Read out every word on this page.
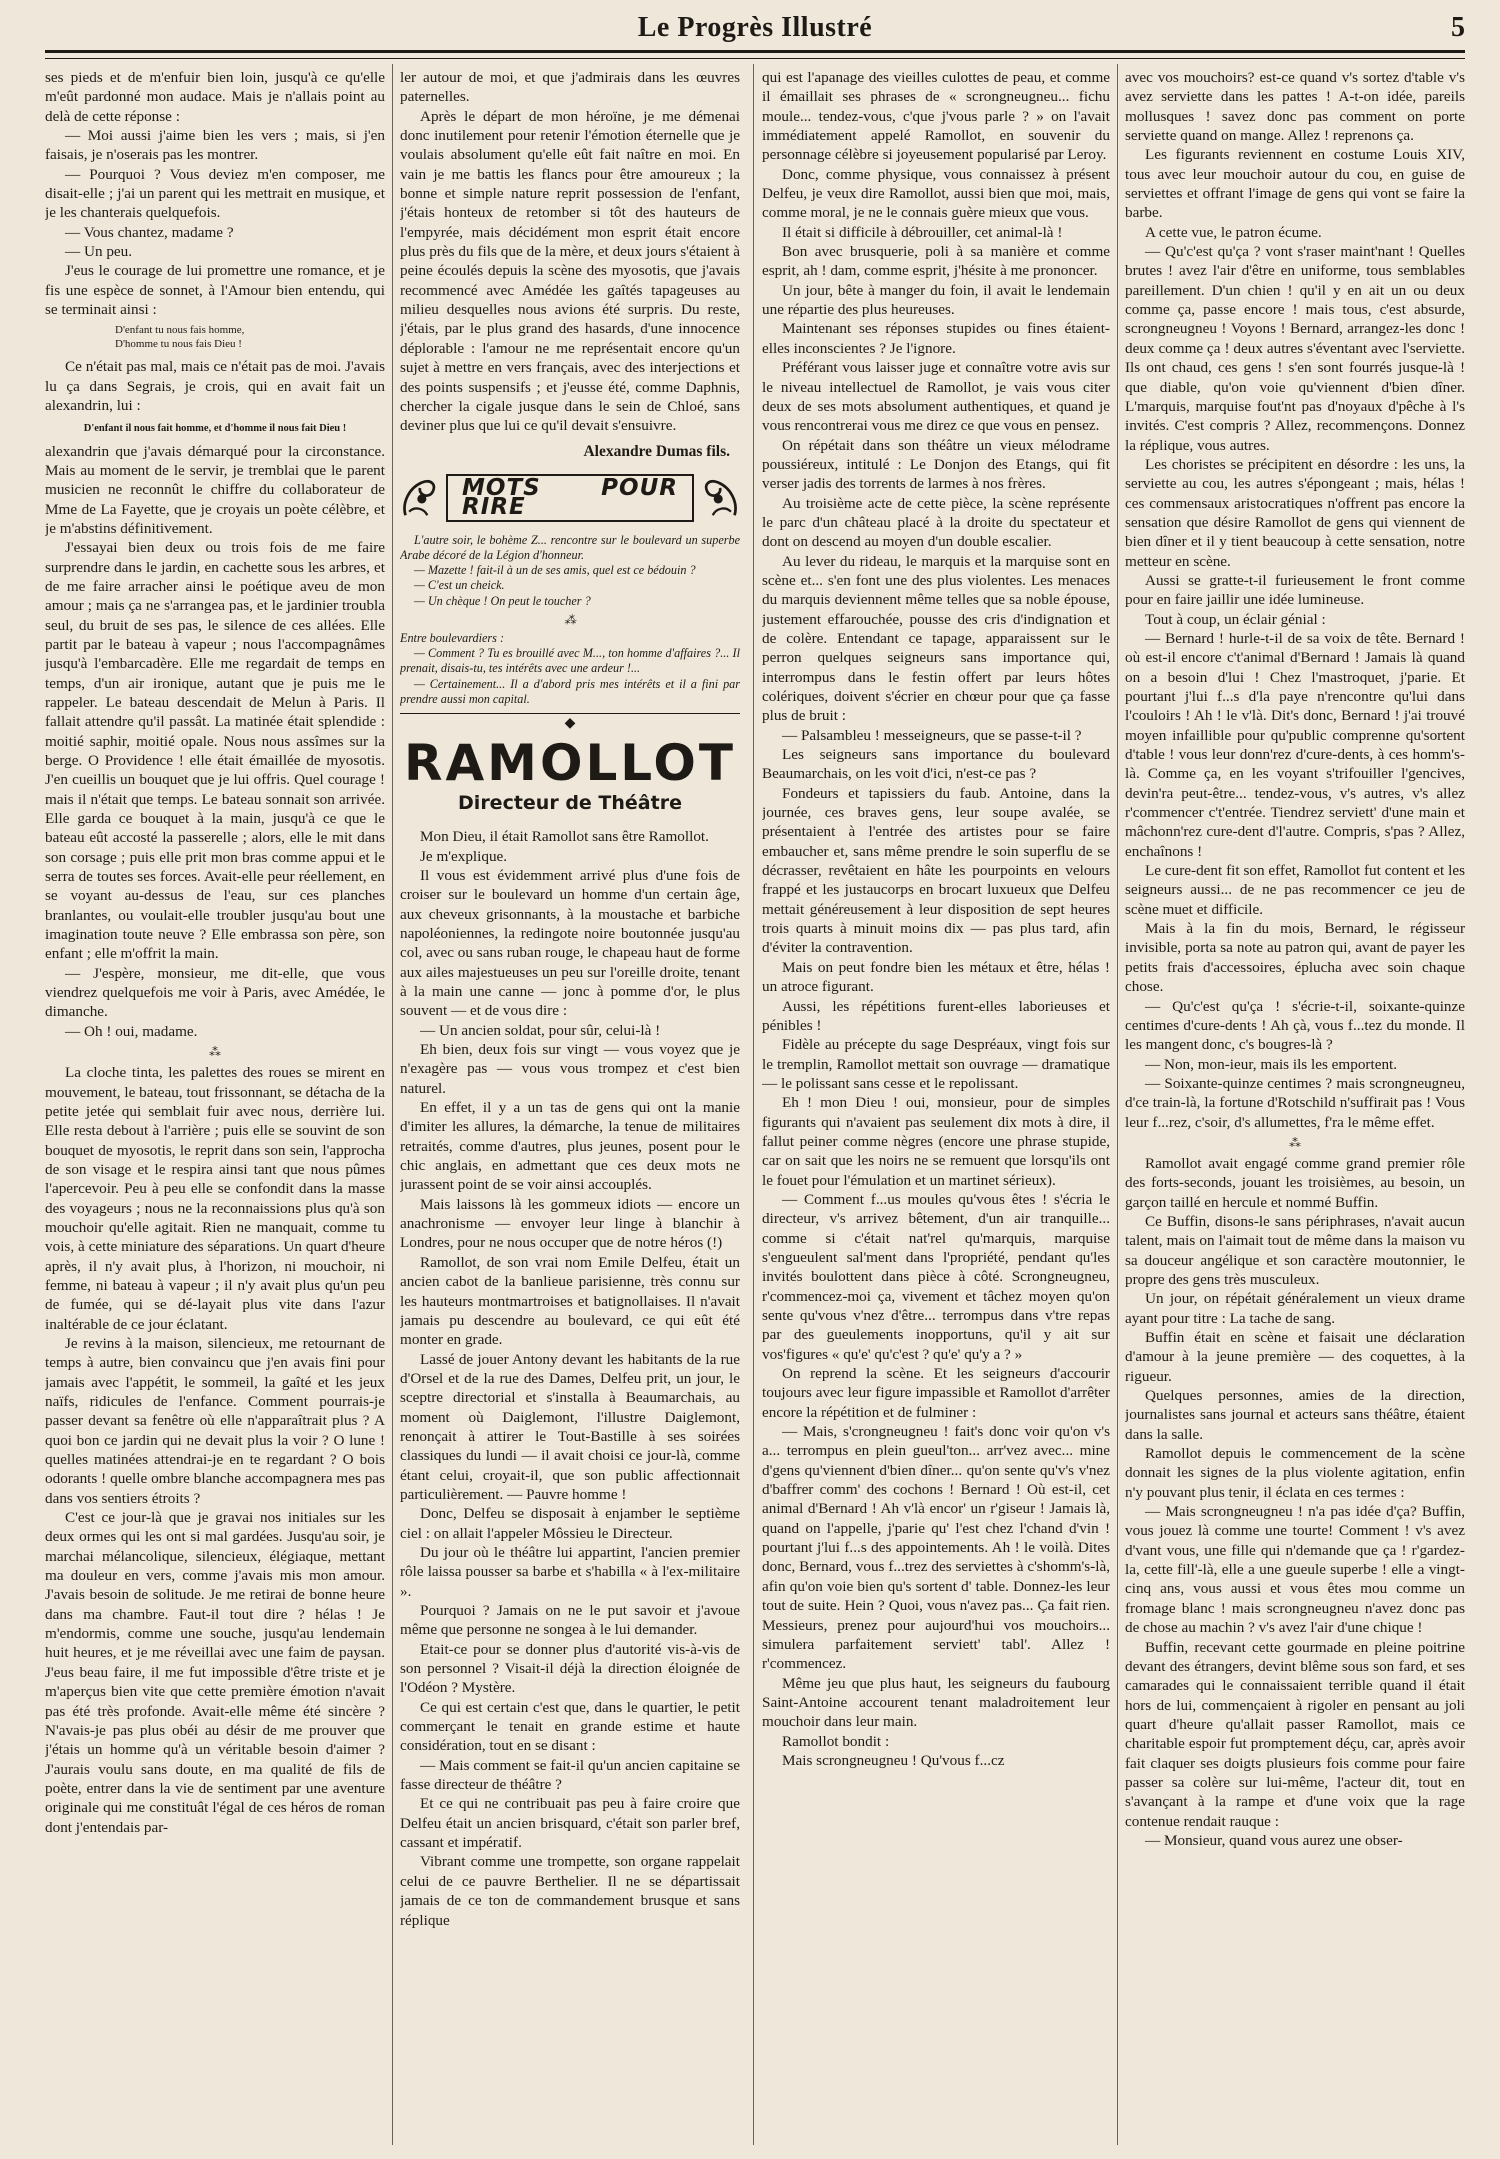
Le Progrès Illustré	5

ses pieds et de m'enfuir bien loin, jusqu'à ce qu'elle m'eût pardonné mon audace. Mais je n'allais point au delà de cette réponse :

— Moi aussi j'aime bien les vers ; mais, si j'en faisais, je n'oserais pas les montrer.

— Pourquoi ? Vous deviez m'en composer, me disait-elle ; j'ai un parent qui les mettrait en musique, et je les chanterais quelquefois.

— Vous chantez, madame ?

— Un peu.

J'eus le courage de lui promettre une romance, et je fis une espèce de sonnet, à l'Amour bien entendu, qui se terminait ainsi :

D'enfant tu nous fais homme,
D'homme tu nous fais Dieu !

Ce n'était pas mal, mais ce n'était pas de moi. J'avais lu ça dans Segrais, je crois, qui en avait fait un alexandrin, lui :

D'enfant il nous fait homme, et d'homme il nous fait Dieu !

alexandrin que j'avais démarqué pour la circonstance. Mais au moment de le servir, je tremblai que le parent musicien ne reconnût le chiffre du collaborateur de Mme de La Fayette, que je croyais un poète célèbre, et je m'abstins définitivement.

J'essayai bien deux ou trois fois de me faire surprendre dans le jardin, en cachette sous les arbres, et de me faire arracher ainsi le poétique aveu de mon amour ; mais ça ne s'arrangea pas, et le jardinier troubla seul, du bruit de ses pas, le silence de ces allées. Elle partit par le bateau à vapeur ; nous l'accompagnâmes jusqu'à l'embarcadère. Elle me regardait de temps en temps, d'un air ironique, autant que je puis me le rappeler. Le bateau descendait de Melun à Paris. Il fallait attendre qu'il passât. La matinée était splendide : moitié saphir, moitié opale. Nous nous assîmes sur la berge. O Providence ! elle était émaillée de myosotis. J'en cueillis un bouquet que je lui offris. Quel courage ! mais il n'était que temps. Le bateau sonnait son arrivée. Elle garda ce bouquet à la main, jusqu'à ce que le bateau eût accosté la passerelle ; alors, elle le mit dans son corsage ; puis elle prit mon bras comme appui et le serra de toutes ses forces. Avait-elle peur réellement, en se voyant au-dessus de l'eau, sur ces planches branlantes, ou voulait-elle troubler jusqu'au bout une imagination toute neuve ? Elle embrassa son père, son enfant ; elle m'offrit la main.

— J'espère, monsieur, me dit-elle, que vous viendrez quelquefois me voir à Paris, avec Amédée, le dimanche.

— Oh ! oui, madame.

⁂

La cloche tinta, les palettes des roues se mirent en mouvement, le bateau, tout frissonnant, se détacha de la petite jetée qui semblait fuir avec nous, derrière lui. Elle resta debout à l'arrière ; puis elle se souvint de son bouquet de myosotis, le reprit dans son sein, l'approcha de son visage et le respira ainsi tant que nous pûmes l'apercevoir. Peu à peu elle se confondit dans la masse des voyageurs ; nous ne la reconnaissions plus qu'à son mouchoir qu'elle agitait. Rien ne manquait, comme tu vois, à cette miniature des séparations. Un quart d'heure après, il n'y avait plus, à l'horizon, ni mouchoir, ni femme, ni bateau à vapeur ; il n'y avait plus qu'un peu de fumée, qui se dé-layait plus vite dans l'azur inaltérable de ce jour éclatant.

Je revins à la maison, silencieux, me retournant de temps à autre, bien convaincu que j'en avais fini pour jamais avec l'appétit, le sommeil, la gaîté et les jeux naïfs, ridicules de l'enfance. Comment pourrais-je passer devant sa fenêtre où elle n'apparaîtrait plus ? A quoi bon ce jardin qui ne devait plus la voir ? O lune ! quelles matinées attendrai-je en te regardant ? O bois odorants ! quelle ombre blanche accompagnera mes pas dans vos sentiers étroits ?

C'est ce jour-là que je gravai nos initiales sur les deux ormes qui les ont si mal gardées. Jusqu'au soir, je marchai mélancolique, silencieux, élégiaque, mettant ma douleur en vers, comme j'avais mis mon amour. J'avais besoin de solitude. Je me retirai de bonne heure dans ma chambre. Faut-il tout dire ? hélas ! Je m'endormis, comme une souche, jusqu'au lendemain huit heures, et je me réveillai avec une faim de paysan. J'eus beau faire, il me fut impossible d'être triste et je m'aperçus bien vite que cette première émotion n'avait pas été très profonde. Avait-elle même été sincère ? N'avais-je pas plus obéi au désir de me prouver que j'étais un homme qu'à un véritable besoin d'aimer ? J'aurais voulu sans doute, en ma qualité de fils de poète, entrer dans la vie de sentiment par une aventure originale qui me constituât l'égal de ces héros de roman dont j'entendais par-

ler autour de moi, et que j'admirais dans les œuvres paternelles.

Après le départ de mon héroïne, je me démenai donc inutilement pour retenir l'émotion éternelle que je voulais absolument qu'elle eût fait naître en moi. En vain je me battis les flancs pour être amoureux ; la bonne et simple nature reprit possession de l'enfant, j'étais honteux de retomber si tôt des hauteurs de l'empyrée, mais décidément mon esprit était encore plus près du fils que de la mère, et deux jours s'étaient à peine écoulés depuis la scène des myosotis, que j'avais recommencé avec Amédée les gaîtés tapageuses au milieu desquelles nous avions été surpris. Du reste, j'étais, par le plus grand des hasards, d'une innocence déplorable : l'amour ne me représentait encore qu'un sujet à mettre en vers français, avec des interjections et des points suspensifs ; et j'eusse été, comme Daphnis, chercher la cigale jusque dans le sein de Chloé, sans deviner plus que lui ce qu'il devait s'ensuivre.

Alexandre Dumas fils.
MOTS POUR RIRE

L'autre soir, le bohème Z... rencontre sur le boulevard un superbe Arabe décoré de la Légion d'honneur.

— Mazette ! fait-il à un de ses amis, quel est ce bédouin ?

— C'est un cheick.

— Un chèque ! On peut le toucher ?

⁂

Entre boulevardiers :

— Comment ? Tu es brouillé avec M..., ton homme d'affaires ?... Il prenait, disais-tu, tes intérêts avec une ardeur !...

— Certainement... Il a d'abord pris mes intérêts et il a fini par prendre aussi mon capital.

◆
RAMOLLOT
Directeur de Théâtre

Mon Dieu, il était Ramollot sans être Ramollot.

Je m'explique.

Il vous est évidemment arrivé plus d'une fois de croiser sur le boulevard un homme d'un certain âge, aux cheveux grisonnants, à la moustache et barbiche napoléoniennes, la redingote noire boutonnée jusqu'au col, avec ou sans ruban rouge, le chapeau haut de forme aux ailes majestueuses un peu sur l'oreille droite, tenant à la main une canne — jonc à pomme d'or, le plus souvent — et de vous dire :

— Un ancien soldat, pour sûr, celui-là !

Eh bien, deux fois sur vingt — vous voyez que je n'exagère pas — vous vous trompez et c'est bien naturel.

En effet, il y a un tas de gens qui ont la manie d'imiter les allures, la démarche, la tenue de militaires retraités, comme d'autres, plus jeunes, posent pour le chic anglais, en admettant que ces deux mots ne jurassent point de se voir ainsi accouplés.

Mais laissons là les gommeux idiots — encore un anachronisme — envoyer leur linge à blanchir à Londres, pour ne nous occuper que de notre héros (!)

Ramollot, de son vrai nom Emile Delfeu, était un ancien cabot de la banlieue parisienne, très connu sur les hauteurs montmartroises et batignollaises. Il n'avait jamais pu descendre au boulevard, ce qui eût été monter en grade.

Lassé de jouer Antony devant les habitants de la rue d'Orsel et de la rue des Dames, Delfeu prit, un jour, le sceptre directorial et s'installa à Beaumarchais, au moment où Daiglemont, l'illustre Daiglemont, renonçait à attirer le Tout-Bastille à ses soirées classiques du lundi — il avait choisi ce jour-là, comme étant celui, croyait-il, que son public affectionnait particulièrement. — Pauvre homme !

Donc, Delfeu se disposait à enjamber le septième ciel : on allait l'appeler Môssieu le Directeur.

Du jour où le théâtre lui appartint, l'ancien premier rôle laissa pousser sa barbe et s'habilla « à l'ex-militaire ».

Pourquoi ? Jamais on ne le put savoir et j'avoue même que personne ne songea à le lui demander.

Etait-ce pour se donner plus d'autorité vis-à-vis de son personnel ? Visait-il déjà la direction éloignée de l'Odéon ? Mystère.

Ce qui est certain c'est que, dans le quartier, le petit commerçant le tenait en grande estime et haute considération, tout en se disant :

— Mais comment se fait-il qu'un ancien capitaine se fasse directeur de théâtre ?

Et ce qui ne contribuait pas peu à faire croire que Delfeu était un ancien brisquard, c'était son parler bref, cassant et impératif.

Vibrant comme une trompette, son organe rappelait celui de ce pauvre Berthelier. Il ne se départissait jamais de ce ton de commandement brusque et sans réplique

qui est l'apanage des vieilles culottes de peau, et comme il émaillait ses phrases de « scrongneugneu... fichu moule... tendez-vous, c'que j'vous parle ? » on l'avait immédiatement appelé Ramollot, en souvenir du personnage célèbre si joyeusement popularisé par Leroy.

Donc, comme physique, vous connaissez à présent Delfeu, je veux dire Ramollot, aussi bien que moi, mais, comme moral, je ne le connais guère mieux que vous.

Il était si difficile à débrouiller, cet animal-là !

Bon avec brusquerie, poli à sa manière et comme esprit, ah ! dam, comme esprit, j'hésite à me prononcer.

Un jour, bête à manger du foin, il avait le lendemain une répartie des plus heureuses.

Maintenant ses réponses stupides ou fines étaient-elles inconscientes ? Je l'ignore.

Préférant vous laisser juge et connaître votre avis sur le niveau intellectuel de Ramollot, je vais vous citer deux de ses mots absolument authentiques, et quand je vous rencontrerai vous me direz ce que vous en pensez.

On répétait dans son théâtre un vieux mélodrame poussiéreux, intitulé : Le Donjon des Etangs, qui fit verser jadis des torrents de larmes à nos frères.

Au troisième acte de cette pièce, la scène représente le parc d'un château placé à la droite du spectateur et dont on descend au moyen d'un double escalier.

Au lever du rideau, le marquis et la marquise sont en scène et... s'en font une des plus violentes. Les menaces du marquis deviennent même telles que sa noble épouse, justement effarouchée, pousse des cris d'indignation et de colère. Entendant ce tapage, apparaissent sur le perron quelques seigneurs sans importance qui, interrompus dans le festin offert par leurs hôtes colériques, doivent s'écrier en chœur pour que ça fasse plus de bruit :

— Palsambleu ! messeigneurs, que se passe-t-il ?

Les seigneurs sans importance du boulevard Beaumarchais, on les voit d'ici, n'est-ce pas ?

Fondeurs et tapissiers du faub. Antoine, dans la journée, ces braves gens, leur soupe avalée, se présentaient à l'entrée des artistes pour se faire embaucher et, sans même prendre le soin superflu de se décrasser, revêtaient en hâte les pourpoints en velours frappé et les justaucorps en brocart luxueux que Delfeu mettait généreusement à leur disposition de sept heures trois quarts à minuit moins dix — pas plus tard, afin d'éviter la contravention.

Mais on peut fondre bien les métaux et être, hélas ! un atroce figurant.

Aussi, les répétitions furent-elles laborieuses et pénibles !

Fidèle au précepte du sage Despréaux, vingt fois sur le tremplin, Ramollot mettait son ouvrage — dramatique — le polissant sans cesse et le repolissant.

Eh ! mon Dieu ! oui, monsieur, pour de simples figurants qui n'avaient pas seulement dix mots à dire, il fallut peiner comme nègres (encore une phrase stupide, car on sait que les noirs ne se remuent que lorsqu'ils ont le fouet pour l'émulation et un martinet sérieux).

— Comment f...us moules qu'vous êtes ! s'écria le directeur, v's arrivez bêtement, d'un air tranquille... comme si c'était nat'rel qu'marquis, marquise s'engueulent sal'ment dans l'propriété, pendant qu'les invités boulottent dans pièce à côté. Scrongneugneu, r'commencez-moi ça, vivement et tâchez moyen qu'on sente qu'vous v'nez d'être... terrompus dans v'tre repas par des gueulements inopportuns, qu'il y ait sur vos'figures « qu'e' qu'c'est ? qu'e' qu'y a ? »

On reprend la scène. Et les seigneurs d'accourir toujours avec leur figure impassible et Ramollot d'arrêter encore la répétition et de fulminer :

— Mais, s'crongneugneu ! fait's donc voir qu'on v's a... terrompus en plein gueul'ton... arr'vez avec... mine d'gens qu'viennent d'bien dîner... qu'on sente qu'v's v'nez d'baffrer comm' des cochons ! Bernard ! Où est-il, cet animal d'Bernard ! Ah v'là encor' un r'giseur ! Jamais là, quand on l'appelle, j'parie qu' l'est chez l'chand d'vin ! pourtant j'lui f...s des appointements. Ah ! le voilà. Dites donc, Bernard, vous f...trez des serviettes à c'shomm's-là, afin qu'on voie bien qu's sortent d' table. Donnez-les leur tout de suite. Hein ? Quoi, vous n'avez pas... Ça fait rien. Messieurs, prenez pour aujourd'hui vos mouchoirs... simulera parfaitement serviett' tabl'. Allez ! r'commencez.

Même jeu que plus haut, les seigneurs du faubourg Saint-Antoine accourent tenant maladroitement leur mouchoir dans leur main.

Ramollot bondit :

Mais scrongneugneu ! Qu'vous f...cz

avec vos mouchoirs? est-ce quand v's sortez d'table v's avez serviette dans les pattes ! A-t-on idée, pareils mollusques ! savez donc pas comment on porte serviette quand on mange. Allez ! reprenons ça.

Les figurants reviennent en costume Louis XIV, tous avec leur mouchoir autour du cou, en guise de serviettes et offrant l'image de gens qui vont se faire la barbe.

A cette vue, le patron écume.

— Qu'c'est qu'ça ? vont s'raser maint'nant ! Quelles brutes ! avez l'air d'être en uniforme, tous semblables pareillement. D'un chien ! qu'il y en ait un ou deux comme ça, passe encore ! mais tous, c'est absurde, scrongneugneu ! Voyons ! Bernard, arrangez-les donc ! deux comme ça ! deux autres s'éventant avec l'serviette. Ils ont chaud, ces gens ! s'en sont fourrés jusque-là ! que diable, qu'on voie qu'viennent d'bien dîner. L'marquis, marquise fout'nt pas d'noyaux d'pêche à l's invités. C'est compris ? Allez, recommençons. Donnez la réplique, vous autres.

Les choristes se précipitent en désordre : les uns, la serviette au cou, les autres s'épongeant ; mais, hélas ! ces commensaux aristocratiques n'offrent pas encore la sensation que désire Ramollot de gens qui viennent de bien dîner et il y tient beaucoup à cette sensation, notre metteur en scène.

Aussi se gratte-t-il furieusement le front comme pour en faire jaillir une idée lumineuse.

Tout à coup, un éclair génial :

— Bernard ! hurle-t-il de sa voix de tête. Bernard ! où est-il encore c't'animal d'Bernard ! Jamais là quand on a besoin d'lui ! Chez l'mastroquet, j'parie. Et pourtant j'lui f...s d'la paye n'rencontre qu'lui dans l'couloirs ! Ah ! le v'là. Dit's donc, Bernard ! j'ai trouvé moyen infaillible pour qu'public comprenne qu'sortent d'table ! vous leur donn'rez d'cure-dents, à ces homm's-là. Comme ça, en les voyant s'trifouiller l'gencives, devin'ra peut-être... tendez-vous, v's autres, v's allez r'commencer c't'entrée. Tiendrez serviett' d'une main et mâchonn'rez cure-dent d'l'autre. Compris, s'pas ? Allez, enchaînons !

Le cure-dent fit son effet, Ramollot fut content et les seigneurs aussi... de ne pas recommencer ce jeu de scène muet et difficile.

Mais à la fin du mois, Bernard, le régisseur invisible, porta sa note au patron qui, avant de payer les petits frais d'accessoires, épluchа avec soin chaque chose.

— Qu'c'est qu'ça ! s'écrie-t-il, soixante-quinze centimes d'cure-dents ! Ah çà, vous f...tez du monde. Il les mangent donc, c's bougres-là ?

— Non, mon-ieur, mais ils les emportent.

— Soixante-quinze centimes ? mais scrongneugneu, d'ce train-là, la fortune d'Rotschild n'suffirait pas ! Vous leur f...rez, c'soir, d's allumettes, f'ra le même effet.

⁂

Ramollot avait engagé comme grand premier rôle des forts-seconds, jouant les troisièmes, au besoin, un garçon taillé en hercule et nommé Buffin.

Ce Buffin, disons-le sans périphrases, n'avait aucun talent, mais on l'aimait tout de même dans la maison vu sa douceur angélique et son caractère moutonnier, le propre des gens très musculeux.

Un jour, on répétait généralement un vieux drame ayant pour titre : La tache de sang.

Buffin était en scène et faisait une déclaration d'amour à la jeune première — des coquettes, à la rigueur.

Quelques personnes, amies de la direction, journalistes sans journal et acteurs sans théâtre, étaient dans la salle.

Ramollot depuis le commencement de la scène donnait les signes de la plus violente agitation, enfin n'y pouvant plus tenir, il éclata en ces termes :

— Mais scrongneugneu ! n'a pas idée d'ça? Buffin, vous jouez là comme une tourte! Comment ! v's avez d'vant vous, une fille qui n'demande que ça ! r'gardez-la, cette fill'-là, elle a une gueule superbe ! elle a vingt-cinq ans, vous aussi et vous êtes mou comme un fromage blanc ! mais scrongneugneu n'avez donc pas de chose au machin ? v's avez l'air d'une chique !

Buffin, recevant cette gourmade en pleine poitrine devant des étrangers, devint blême sous son fard, et ses camarades qui le connaissaient terrible quand il était hors de lui, commençaient à rigoler en pensant au joli quart d'heure qu'allait passer Ramollot, mais ce charitable espoir fut promptement déçu, car, après avoir fait claquer ses doigts plusieurs fois comme pour faire passer sa colère sur lui-même, l'acteur dit, tout en s'avançant à la rampe et d'une voix que la rage contenue rendait rauque :

— Monsieur, quand vous aurez une obser-
